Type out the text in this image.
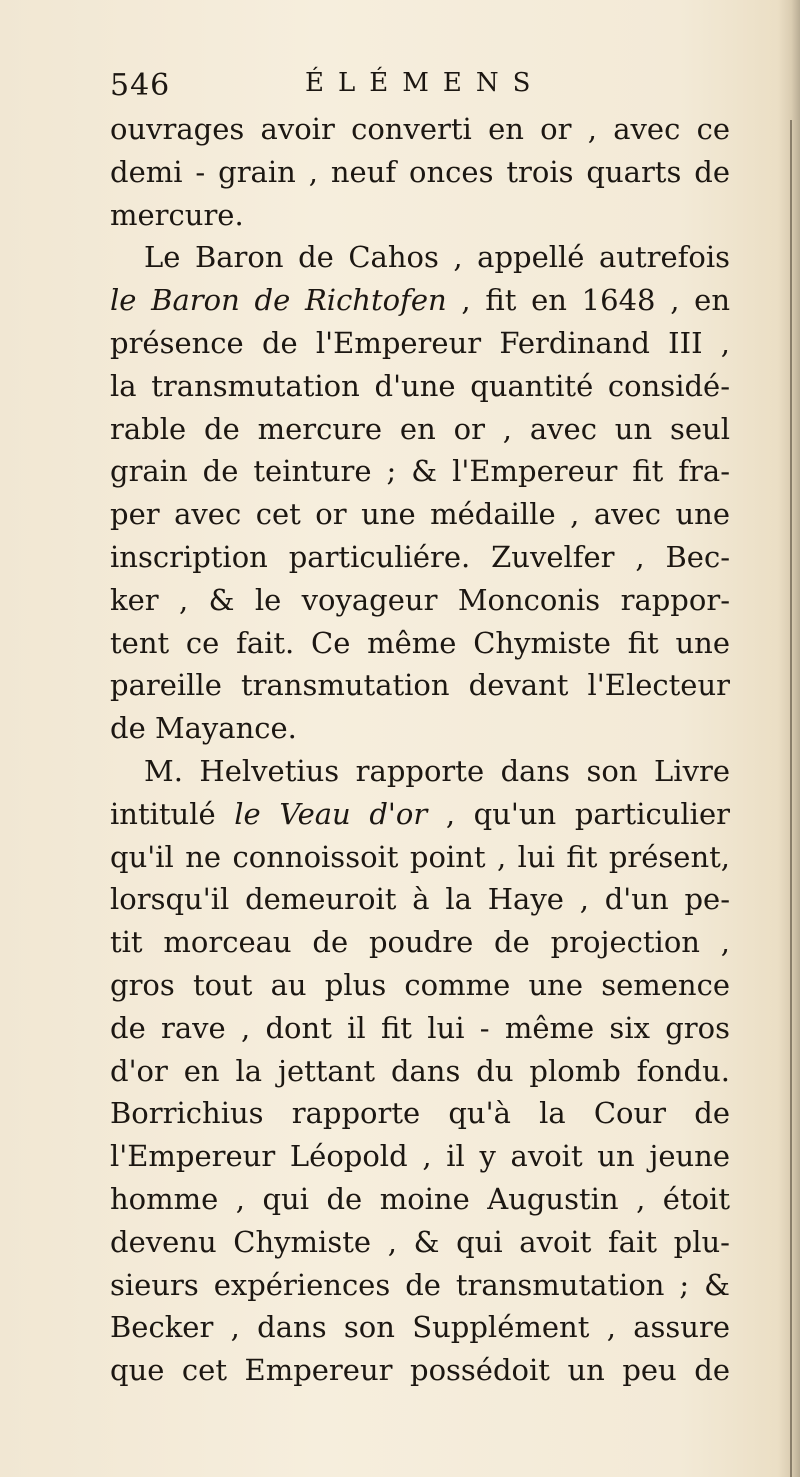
546	ÉLÉMENS
ouvrages avoir converti en or , avec ce
demi - grain , neuf onces trois quarts de
mercure.
Le Baron de Cahos , appellé autrefois
le Baron de Richtofen , fit en 1648 , en
présence de l'Empereur Ferdinand III ,
la transmutation d'une quantité considé-
rable de mercure en or , avec un seul
grain de teinture ; & l'Empereur fit fra-
per avec cet or une médaille , avec une
inscription particuliére. Zuvelfer , Bec-
ker , & le voyageur Monconis rappor-
tent ce fait. Ce même Chymiste fit une
pareille transmutation devant l'Electeur
de Mayance.
M. Helvetius rapporte dans son Livre
intitulé le Veau d'or , qu'un particulier
qu'il ne connoissoit point , lui fit présent,
lorsqu'il demeuroit à la Haye , d'un pe-
tit morceau de poudre de projection ,
gros tout au plus comme une semence
de rave , dont il fit lui - même six gros
d'or en la jettant dans du plomb fondu.
Borrichius rapporte qu'à la Cour de
l'Empereur Léopold , il y avoit un jeune
homme , qui de moine Augustin , étoit
devenu Chymiste , & qui avoit fait plu-
sieurs expériences de transmutation ; &
Becker , dans son Supplément , assure
que cet Empereur possédoit un peu de
